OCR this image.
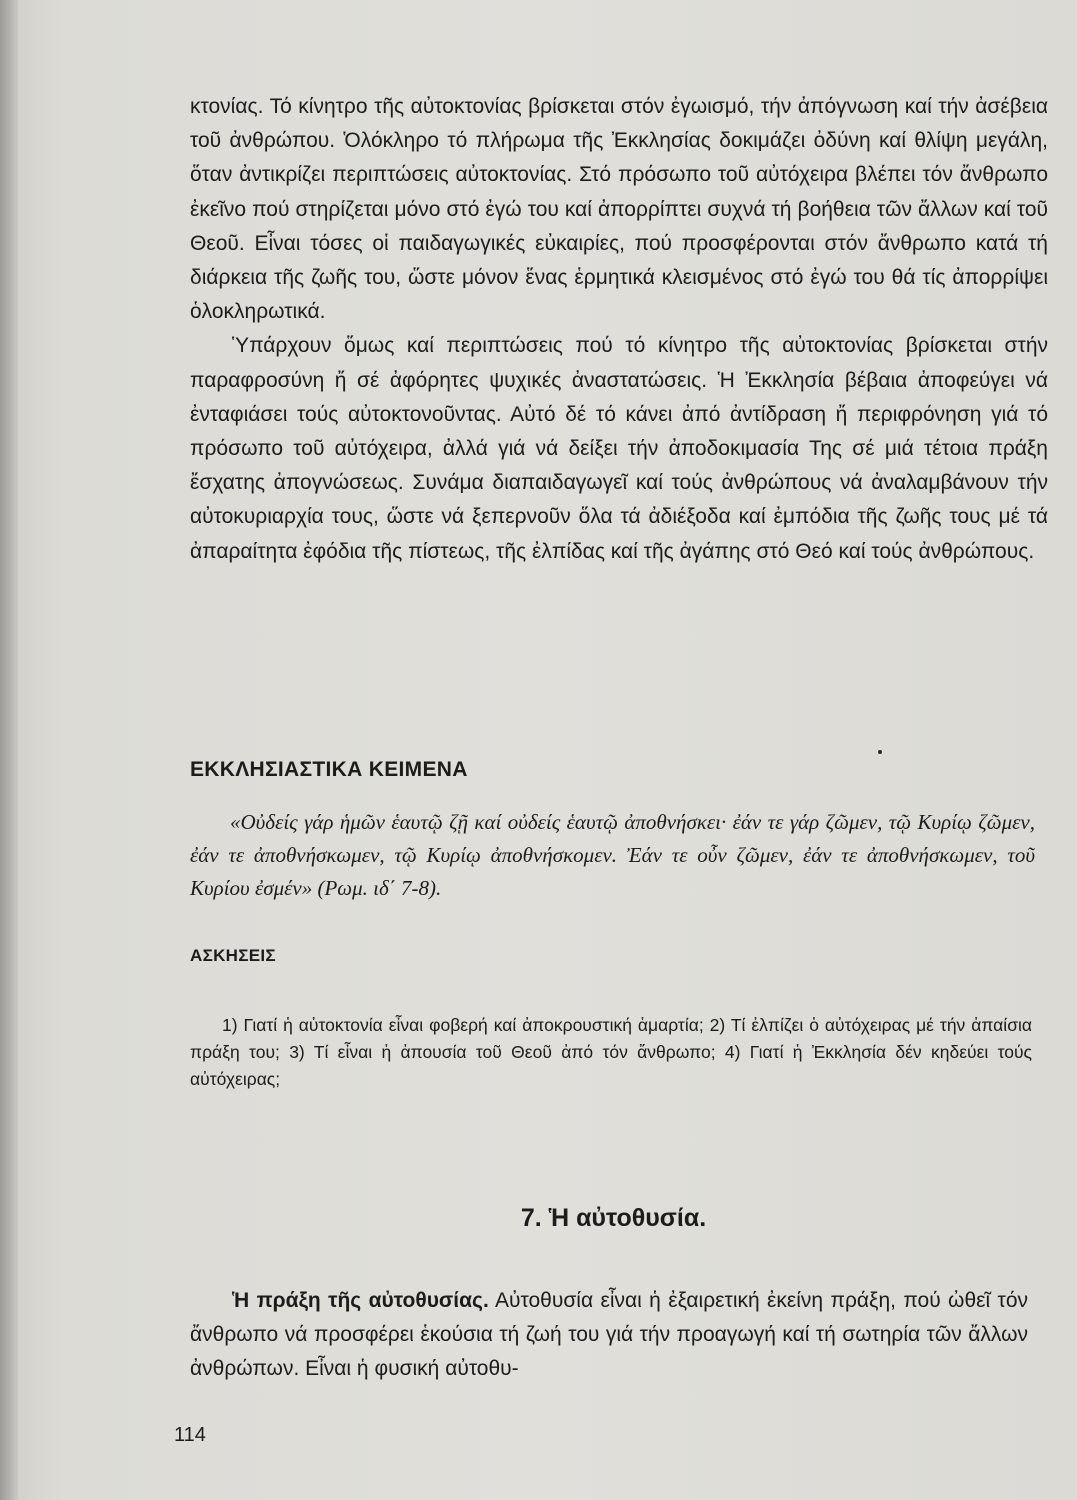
κτονίας. Τό κίνητρο τῆς αὐτοκτονίας βρίσκεται στόν ἐγωισμό, τήν ἀπόγνωση καί τήν ἀσέβεια τοῦ ἀνθρώπου. Ὁλόκληρο τό πλήρωμα τῆς Ἐκκλησίας δοκιμάζει ὀδύνη καί θλίψη μεγάλη, ὅταν ἀντικρίζει περιπτώσεις αὐτοκτονίας. Στό πρόσωπο τοῦ αὐτόχειρα βλέπει τόν ἄνθρωπο ἐκεῖνο πού στηρίζεται μόνο στό ἐγώ του καί ἀπορρίπτει συχνά τή βοήθεια τῶν ἄλλων καί τοῦ Θεοῦ. Εἶναι τόσες οἱ παιδαγωγικές εὐκαιρίες, πού προσφέρονται στόν ἄνθρωπο κατά τή διάρκεια τῆς ζωῆς του, ὥστε μόνον ἕνας ἑρμητικά κλεισμένος στό ἐγώ του θά τίς ἀπορρίψει ὁλοκληρωτικά.

Ὑπάρχουν ὅμως καί περιπτώσεις πού τό κίνητρο τῆς αὐτοκτονίας βρίσκεται στήν παραφροσύνη ἤ σέ ἀφόρητες ψυχικές ἀναστατώσεις. Ἡ Ἐκκλησία βέβαια ἀποφεύγει νά ἐνταφιάσει τούς αὐτοκτονοῦντας. Αὐτό δέ τό κάνει ἀπό ἀντίδραση ἤ περιφρόνηση γιά τό πρόσωπο τοῦ αὐτόχειρα, ἀλλά γιά νά δείξει τήν ἀποδοκιμασία Της σέ μιά τέτοια πράξη ἔσχατης ἀπογνώσεως. Συνάμα διαπαιδαγωγεῖ καί τούς ἀνθρώπους νά ἀναλαμβάνουν τήν αὐτοκυριαρχία τους, ὥστε νά ξεπερνοῦν ὅλα τά ἀδιέξοδα καί ἐμπόδια τῆς ζωῆς τους μέ τά ἀπαραίτητα ἐφόδια τῆς πίστεως, τῆς ἐλπίδας καί τῆς ἀγάπης στό Θεό καί τούς ἀνθρώπους.

ΕΚΚΛΗΣΙΑΣΤΙΚΑ ΚΕΙΜΕΝΑ

«Οὐδείς γάρ ἡμῶν ἑαυτῷ ζῇ καί οὐδείς ἑαυτῷ ἀποθνήσκει· ἐάν τε γάρ ζῶμεν, τῷ Κυρίῳ ζῶμεν, ἐάν τε ἀποθνήσκωμεν, τῷ Κυρίῳ ἀποθνήσκομεν. Ἐάν τε οὖν ζῶμεν, ἐάν τε ἀποθνήσκωμεν, τοῦ Κυρίου ἐσμέν» (Ρωμ. ιδ΄ 7-8).

ΑΣΚΗΣΕΙΣ

1) Γιατί ἡ αὐτοκτονία εἶναι φοβερή καί ἀποκρουστική ἁμαρτία; 2) Τί ἐλπίζει ὁ αὐτόχειρας μέ τήν ἀπαίσια πράξη του; 3) Τί εἶναι ἡ ἀπουσία τοῦ Θεοῦ ἀπό τόν ἄνθρωπο; 4) Γιατί ἡ Ἐκκλησία δέν κηδεύει τούς αὐτόχειρας;

7. Ἡ αὐτοθυσία.

Ἡ πράξη τῆς αὐτοθυσίας. Αὐτοθυσία εἶναι ἡ ἐξαιρετική ἐκείνη πράξη, πού ὠθεῖ τόν ἄνθρωπο νά προσφέρει ἑκούσια τή ζωή του γιά τήν προαγωγή καί τή σωτηρία τῶν ἄλλων ἀνθρώπων. Εἶναι ἡ φυσική αὐτοθυ-

114
